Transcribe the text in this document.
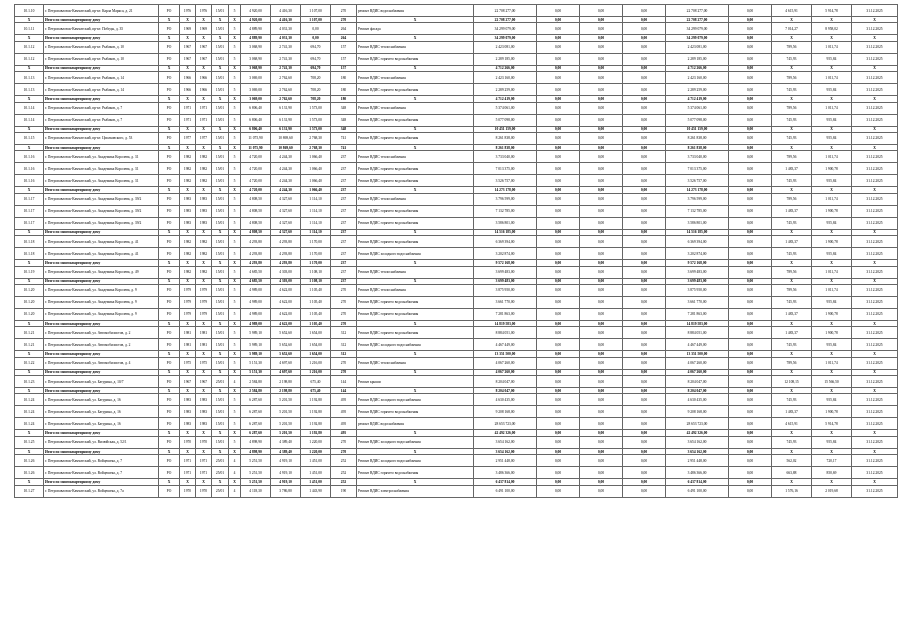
10.1.10	г. Петропавловск-Камчатский, пр-кт. Карла Маркса, д. 21	РО	1976	1976	15/01	5	4 920,00	4 416,30	1 107,00	270	ремонт ВДИС водоснабжения	22 708 277,00	0,00	0,00	0,00	22 708 277,00	0,00	4 615,91	5 914,78	31.12.2025
X	Итого по многоквартирному дому	X	X	X	X	X	4 920,00	4 416,30	1 107,00	270	X	22 708 277,00	0,00	0,00	0,00	22 708 277,00	0,00	X	X	X
10.1.11	г. Петропавловск-Камчатский, пр-кт. Победы, д. 35	РО	1969	1969	15/01	5	4 889,90	4 031,30	0,00	264	Ремонт фасада	34 299 079,00	0,00	0,00	0,00	34 299 079,00	0,00	7 014,27	8 958,02	31.12.2025
X	Итого по многоквартирному дому	X	X	X	X	X	4 889,90	4 031,30	0,00	264	X	34 299 079,00	0,00	0,00	0,00	34 299 079,00	0,00	X	X	X
10.1.12	г. Петропавловск-Камчатский, пр-кт. Рыбаков, д. 10	РО	1967	1967	15/01	5	3 068,90	2 741,30	694,70	157	Ремонт ВДИС теплоснабжения	2 423 081,00	0,00	0,00	0,00	2 423 081,00	0,00	789,56	1 011,74	31.12.2025
10.1.12	г. Петропавловск-Камчатский, пр-кт. Рыбаков, д. 10	РО	1967	1967	15/01	5	3 068,90	2 741,30	694,70	157	Ремонт ВДИС горячего водоснабжения	2 289 185,00	0,00	0,00	0,00	2 289 185,00	0,00	745,93	955,84	31.12.2025
X	Итого по многоквартирному дому	X	X	X	X	X	3 068,90	2 741,30	694,70	157	X	4 712 266,00	0,00	0,00	0,00	4 712 266,00	0,00	X	X	X
10.1.13	г. Петропавловск-Камчатский, пр-кт. Рыбаков, д. 14	РО	1966	1966	15/01	5	3 069,00	2 762,60	708,20	180	Ремонт ВДИС теплоснабжения	2 423 160,00	0,00	0,00	0,00	2 423 160,00	0,00	789,56	1 011,74	31.12.2025
10.1.13	г. Петропавловск-Камчатский, пр-кт. Рыбаков, д. 14	РО	1966	1966	15/01	5	3 069,00	2 762,60	708,20	180	Ремонт ВДИС горячего водоснабжения	2 289 259,00	0,00	0,00	0,00	2 289 259,00	0,00	745,93	955,84	31.12.2025
X	Итого по многоквартирному дому	X	X	X	X	X	3 069,00	2 762,60	708,20	180	X	4 712 419,00	0,00	0,00	0,00	4 712 419,00	0,00	X	X	X
10.1.14	г. Петропавловск-Камчатский, пр-кт. Рыбаков, д. 7	РО	1971	1971	15/01	5	6 806,40	6 131,90	1 573,00	348	Ремонт ВДИС теплоснабжения	5 374 061,00	0,00	0,00	0,00	5 374 061,00	0,00	789,56	1 011,74	31.12.2025
10.1.14	г. Петропавловск-Камчатский, пр-кт. Рыбаков, д. 7	РО	1971	1971	15/01	5	6 806,40	6 131,90	1 573,00	348	Ремонт ВДИС горячего водоснабжения	5 077 098,00	0,00	0,00	0,00	5 077 098,00	0,00	745,93	955,84	31.12.2025
X	Итого по многоквартирному дому	X	X	X	X	X	6 806,40	6 131,90	1 573,00	348	X	10 451 159,00	0,00	0,00	0,00	10 451 159,00	0,00	X	X	X
10.1.15	г. Петропавловск-Камчатский, пр-кт. Циолковского, д. 53	РО	1977	1977	15/01	5	11 075,90	10 869,60	2 768,30	741	Ремонт ВДИС горячего водоснабжения	8 261 838,00	0,00	0,00	0,00	8 261 838,00	0,00	745,93	955,84	31.12.2025
X	Итого по многоквартирному дому	X	X	X	X	X	11 075,90	10 869,60	2 768,30	741	X	8 261 838,00	0,00	0,00	0,00	8 261 838,00	0,00	X	X	X
10.1.16	г. Петропавловск-Камчатский, ул. Академика Королева, д. 31	РО	1982	1982	15/01	5	4 720,00	4 244,30	1 066,40	237	Ремонт ВДИС теплоснабжения	3 733 040,00	0,00	0,00	0,00	3 733 040,00	0,00	789,56	1 011,74	31.12.2025
10.1.16	г. Петропавловск-Камчатский, ул. Академика Королева, д. 31	РО	1982	1982	15/01	5	4 720,00	4 244,30	1 066,40	237	Ремонт ВДИС горячего водоснабжения	7 013 375,00	0,00	0,00	0,00	7 013 375,00	0,00	1 483,37	1 900,78	31.12.2025
10.1.16	г. Петропавловск-Камчатский, ул. Академика Королева, д. 31	РО	1982	1982	15/01	5	4 720,00	4 244,30	1 066,40	237	Ремонт ВДИС горячего водоснабжения	3 526 757,00	0,00	0,00	0,00	3 526 757,00	0,00	745,93	955,84	31.12.2025
X	Итого по многоквартирному дому	X	X	X	X	X	4 720,00	4 244,30	1 066,40	237	X	14 273 178,00	0,00	0,00	0,00	14 273 178,00	0,00	X	X	X
10.1.17	г. Петропавловск-Камчатский, ул. Академика Королева, д. 39/2	РО	1983	1983	15/01	5	4 808,50	4 327,60	1 114,10	237	Ремонт ВДИС теплоснабжения	3 796 599,00	0,00	0,00	0,00	3 796 599,00	0,00	789,56	1 011,74	31.12.2025
10.1.17	г. Петропавловск-Камчатский, ул. Академика Королева, д. 39/2	РО	1983	1983	15/01	5	4 808,50	4 327,60	1 114,10	237	Ремонт ВДИС горячего водоснабжения	7 132 785,00	0,00	0,00	0,00	7 132 785,00	0,00	1 483,37	1 900,78	31.12.2025
10.1.17	г. Петропавловск-Камчатский, ул. Академика Королева, д. 39/2	РО	1983	1983	15/01	5	4 808,50	4 327,60	1 114,10	237	Ремонт ВДИС горячего водоснабжения	3 586 801,00	0,00	0,00	0,00	3 586 801,00	0,00	745,93	955,84	31.12.2025
X	Итого по многоквартирному дому	X	X	X	X	X	4 808,50	4 327,60	1 114,10	237	X	14 516 185,00	0,00	0,00	0,00	14 516 185,00	0,00	X	X	X
10.1.18	г. Петропавловск-Камчатский, ул. Академика Королева, д. 41	РО	1982	1982	15/01	5	4 293,80	4 293,80	1 170,00	237	Ремонт ВДИС горячего водоснабжения	6 369 394,00	0,00	0,00	0,00	6 369 394,00	0,00	1 483,37	1 900,78	31.12.2025
10.1.18	г. Петропавловск-Камчатский, ул. Академика Королева, д. 41	РО	1982	1982	15/01	5	4 293,80	4 293,80	1 170,00	237	Ремонт ВДИС холодного водоснабжения	3 202 874,00	0,00	0,00	0,00	3 202 874,00	0,00	745,93	955,84	31.12.2025
X	Итого по многоквартирному дому	X	X	X	X	X	4 293,80	4 293,80	1 170,00	237	X	9 572 168,00	0,00	0,00	0,00	9 572 168,00	0,00	X	X	X
10.1.19	г. Петропавловск-Камчатский, ул. Академика Королева, д. 49	РО	1982	1982	15/01	5	4 685,50	4 303,00	1 108,10	237	Ремонт ВДИС теплоснабжения	3 699 483,00	0,00	0,00	0,00	3 699 483,00	0,00	789,56	1 011,74	31.12.2025
X	Итого по многоквартирному дому	X	X	X	X	X	4 685,50	4 303,00	1 108,10	237	X	3 699 483,00	0,00	0,00	0,00	3 699 483,00	0,00	X	X	X
10.1.20	г. Петропавловск-Камчатский, ул. Академика Королева, д. 9	РО	1979	1979	15/01	5	4 989,00	4 622,00	1 105,40	270	Ремонт ВДИС теплоснабжения	3 875 950,00	0,00	0,00	0,00	3 875 950,00	0,00	789,56	1 011,74	31.12.2025
10.1.20	г. Петропавловск-Камчатский, ул. Академика Королева, д. 9	РО	1979	1979	15/01	5	4 989,00	4 622,00	1 105,40	270	Ремонт ВДИС горячего водоснабжения	3 661 770,00	0,00	0,00	0,00	3 661 770,00	0,00	745,93	955,84	31.12.2025
10.1.20	г. Петропавловск-Камчатский, ул. Академика Королева, д. 9	РО	1979	1979	15/01	5	4 989,00	4 622,00	1 105,40	270	Ремонт ВДИС горячего водоснабжения	7 281 863,00	0,00	0,00	0,00	7 281 863,00	0,00	1 483,37	1 900,78	31.12.2025
X	Итого по многоквартирному дому	X	X	X	X	X	4 989,00	4 622,00	1 105,40	270	X	14 819 583,00	0,00	0,00	0,00	14 819 583,00	0,00	X	X	X
10.1.21	г. Петропавловск-Камчатский, ул. Автомобилистов, д. 2	РО	1981	1981	15/01	5	5 989,10	5 652,60	1 654,00	312	Ремонт ВДИС горячего водоснабжения	8 884 051,00	0,00	0,00	0,00	8 884 051,00	0,00	1 483,37	1 900,78	31.12.2025
10.1.21	г. Петропавловск-Камчатский, ул. Автомобилистов, д. 2	РО	1981	1981	15/01	5	5 989,10	5 652,60	1 654,00	312	Ремонт ВДИС холодного водоснабжения	4 467 449,00	0,00	0,00	0,00	4 467 449,00	0,00	745,93	955,84	31.12.2025
X	Итого по многоквартирному дому	X	X	X	X	X	5 989,10	5 652,60	1 654,00	312	X	13 351 500,00	0,00	0,00	0,00	13 351 500,00	0,00	X	X	X
10.1.22	г. Петропавловск-Камчатский, ул. Автомобилистов, д. 4	РО	1975	1975	15/01	5	5 151,30	4 697,60	1 216,00	270	Ремонт ВДИС теплоснабжения	4 067 260,00	0,00	0,00	0,00	4 067 260,00	0,00	789,56	1 011,74	31.12.2025
X	Итого по многоквартирному дому	X	X	X	X	X	5 151,30	4 697,60	1 216,00	270	X	4 067 260,00	0,00	0,00	0,00	4 067 260,00	0,00	X	X	X
10.1.23	г. Петропавловск-Камчатский, ул. Батурина, д. 10/7	РО	1967	1967	25/01	4	2 584,80	2 198,80	675,40	144	Ремонт крыши	8 204 047,00	0,00	0,00	0,00	8 204 047,00	0,00	12 108,15	15 566,50	31.12.2025
X	Итого по многоквартирному дому	X	X	X	X	X	2 584,80	2 198,80	675,40	144	X	8 204 047,00	0,00	0,00	0,00	8 204 047,00	0,00	X	X	X
10.1.24	г. Петропавловск-Камчатский, ул. Батурина, д. 16	РО	1983	1983	15/01	5	6 287,60	5 201,50	1 192,80	495	Ремонт ВДИС холодного водоснабжения	4 630 435,00	0,00	0,00	0,00	4 630 435,00	0,00	745,93	955,84	31.12.2025
10.1.24	г. Петропавловск-Камчатский, ул. Батурина, д. 16	РО	1983	1983	15/01	5	6 287,60	5 201,50	1 192,80	495	Ремонт ВДИС горячего водоснабжения	9 208 168,00	0,00	0,00	0,00	9 208 168,00	0,00	1 483,37	1 900,78	31.12.2025
10.1.24	г. Петропавловск-Камчатский, ул. Батурина, д. 16	РО	1983	1983	15/01	5	6 287,60	5 201,50	1 192,80	495	ремонт ВДИС водоснабжения	28 653 723,00	0,00	0,00	0,00	28 653 723,00	0,00	4 615,91	5 914,78	31.12.2025
X	Итого по многоквартирному дому	X	X	X	X	X	6 287,60	5 201,50	1 192,80	495	X	42 492 326,00	0,00	0,00	0,00	42 492 326,00	0,00	X	X	X
10.1.25	г. Петропавловск-Камчатский, ул. Вилюйская, д. 52/1	РО	1970	1970	15/01	5	4 898,90	4 389,40	1 220,00	270	Ремонт ВДИС холодного водоснабжения	3 654 162,00	0,00	0,00	0,00	3 654 162,00	0,00	745,93	955,84	31.12.2025
X	Итого по многоквартирному дому	X	X	X	X	X	4 898,90	4 389,40	1 220,00	270	X	3 654 162,00	0,00	0,00	0,00	3 654 162,00	0,00	X	X	X
10.1.26	г. Петропавловск-Камчатский, ул. Войцешека, д. 7	РО	1971	1971	25/01	4	5 251,50	4 919,10	1 451,00	252	Ремонт ВДИС холодного водоснабжения	2 951 448,00	0,00	0,00	0,00	2 951 448,00	0,00	562,02	720,17	31.12.2025
10.1.26	г. Петропавловск-Камчатский, ул. Войцешека, д. 7	РО	1971	1971	25/01	4	5 251,50	4 919,10	1 451,00	252	Ремонт ВДИС горячего водоснабжения	3 486 366,00	0,00	0,00	0,00	3 486 366,00	0,00	663,88	850,69	31.12.2025
X	Итого по многоквартирному дому	X	X	X	X	X	5 251,50	4 919,10	1 451,00	252	X	6 437 814,00	0,00	0,00	0,00	6 437 814,00	0,00	X	X	X
10.1.27	г. Петропавловск-Камчатский, ул. Войцешека, д. 7а	РО	1970	1970	25/01	4	4 118,30	3 786,80	1 443,90	190	Ремонт ВДИС электроснабжения	6 491 100,00	0,00	0,00	0,00	6 491 100,00	0,00	1 576,16	2 019,68	31.12.2025
